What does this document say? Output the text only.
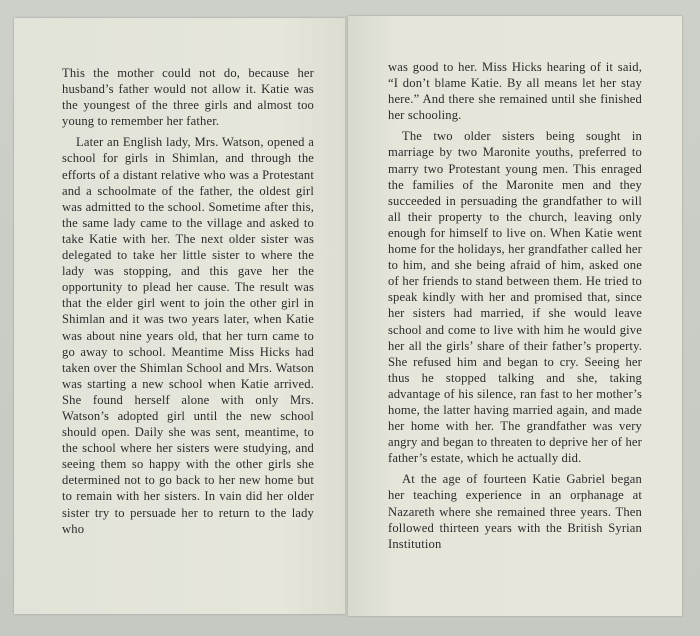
This the mother could not do, because her husband’s father would not allow it. Katie was the youngest of the three girls and almost too young to remember her father.

Later an English lady, Mrs. Watson, opened a school for girls in Shimlan, and through the efforts of a distant relative who was a Protestant and a schoolmate of the father, the oldest girl was admitted to the school. Sometime after this, the same lady came to the village and asked to take Katie with her. The next older sister was delegated to take her little sister to where the lady was stopping, and this gave her the opportunity to plead her cause. The result was that the elder girl went to join the other girl in Shimlan and it was two years later, when Katie was about nine years old, that her turn came to go away to school. Meantime Miss Hicks had taken over the Shimlan School and Mrs. Watson was starting a new school when Katie arrived. She found herself alone with only Mrs. Watson’s adopted girl until the new school should open. Daily she was sent, meantime, to the school where her sisters were studying, and seeing them so happy with the other girls she determined not to go back to her new home but to remain with her sisters. In vain did her older sister try to persuade her to return to the lady who

was good to her. Miss Hicks hearing of it said, “I don’t blame Katie. By all means let her stay here.” And there she remained until she finished her schooling.

The two older sisters being sought in marriage by two Maronite youths, preferred to marry two Protestant young men. This enraged the families of the Maronite men and they succeeded in persuading the grandfather to will all their property to the church, leaving only enough for himself to live on. When Katie went home for the holidays, her grandfather called her to him, and she being afraid of him, asked one of her friends to stand between them. He tried to speak kindly with her and promised that, since her sisters had married, if she would leave school and come to live with him he would give her all the girls’ share of their father’s property. She refused him and began to cry. Seeing her thus he stopped talking and she, taking advantage of his silence, ran fast to her mother’s home, the latter having married again, and made her home with her. The grandfather was very angry and began to threaten to deprive her of her father’s estate, which he actually did.

At the age of fourteen Katie Gabriel began her teaching experience in an orphanage at Nazareth where she remained three years. Then followed thirteen years with the British Syrian Institution
